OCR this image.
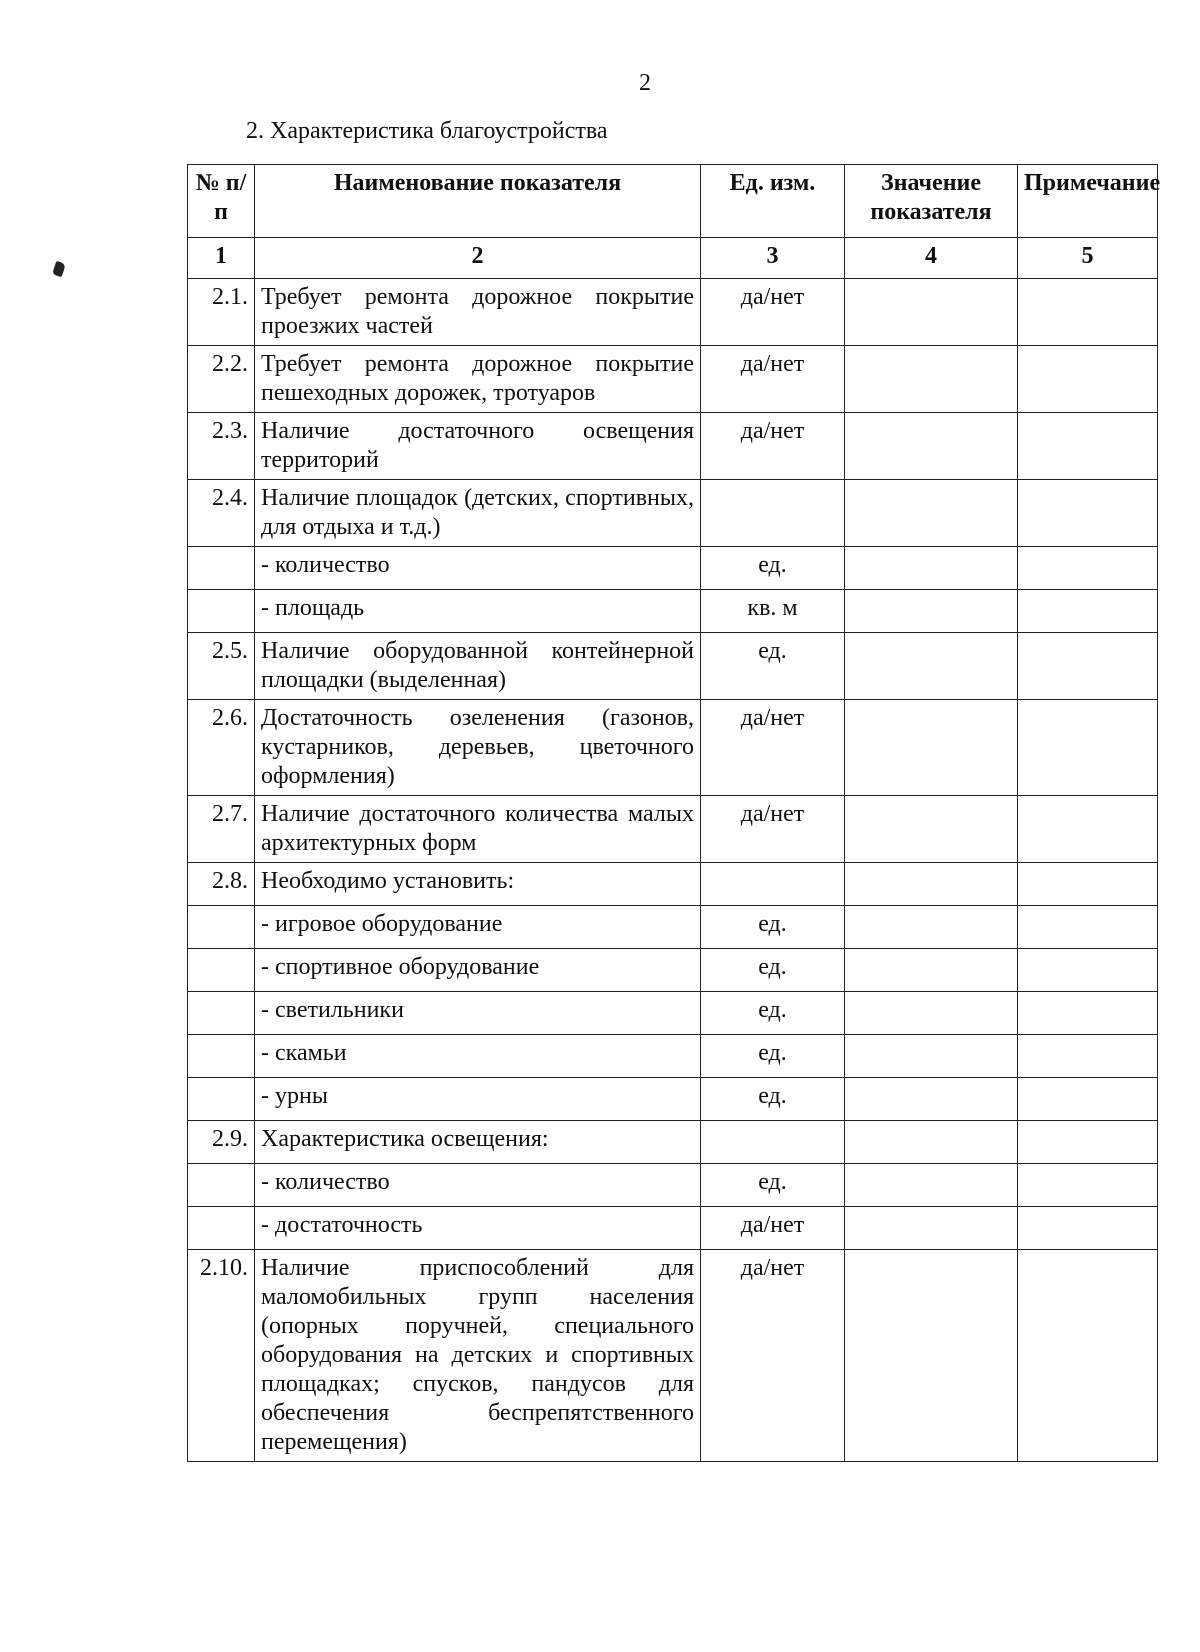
2
2. Характеристика благоустройства
№ п/п	Наименование показателя	Ед. изм.	Значение показателя	Примечание
1	2	3	4	5
2.1.	Требует ремонта дорожное покрытие проезжих частей	да/нет		
2.2.	Требует ремонта дорожное покрытие пешеходных дорожек, тротуаров	да/нет		
2.3.	Наличие достаточного освещения территорий	да/нет		
2.4.	Наличие площадок (детских, спортивных, для отдыха и т.д.)			
	- количество	ед.		
	- площадь	кв. м		
2.5.	Наличие оборудованной контейнерной площадки (выделенная)	ед.		
2.6.	Достаточность озеленения (газонов, кустарников, деревьев, цветочного оформления)	да/нет		
2.7.	Наличие достаточного количества малых архитектурных форм	да/нет		
2.8.	Необходимо установить:			
	- игровое оборудование	ед.		
	- спортивное оборудование	ед.		
	- светильники	ед.		
	- скамьи	ед.		
	- урны	ед.		
2.9.	Характеристика освещения:			
	- количество	ед.		
	- достаточность	да/нет		
2.10.	Наличие приспособлений для маломобильных групп населения (опорных поручней, специального оборудования на детских и спортивных площадках; спусков, пандусов для обеспечения беспрепятственного перемещения)	да/нет		
